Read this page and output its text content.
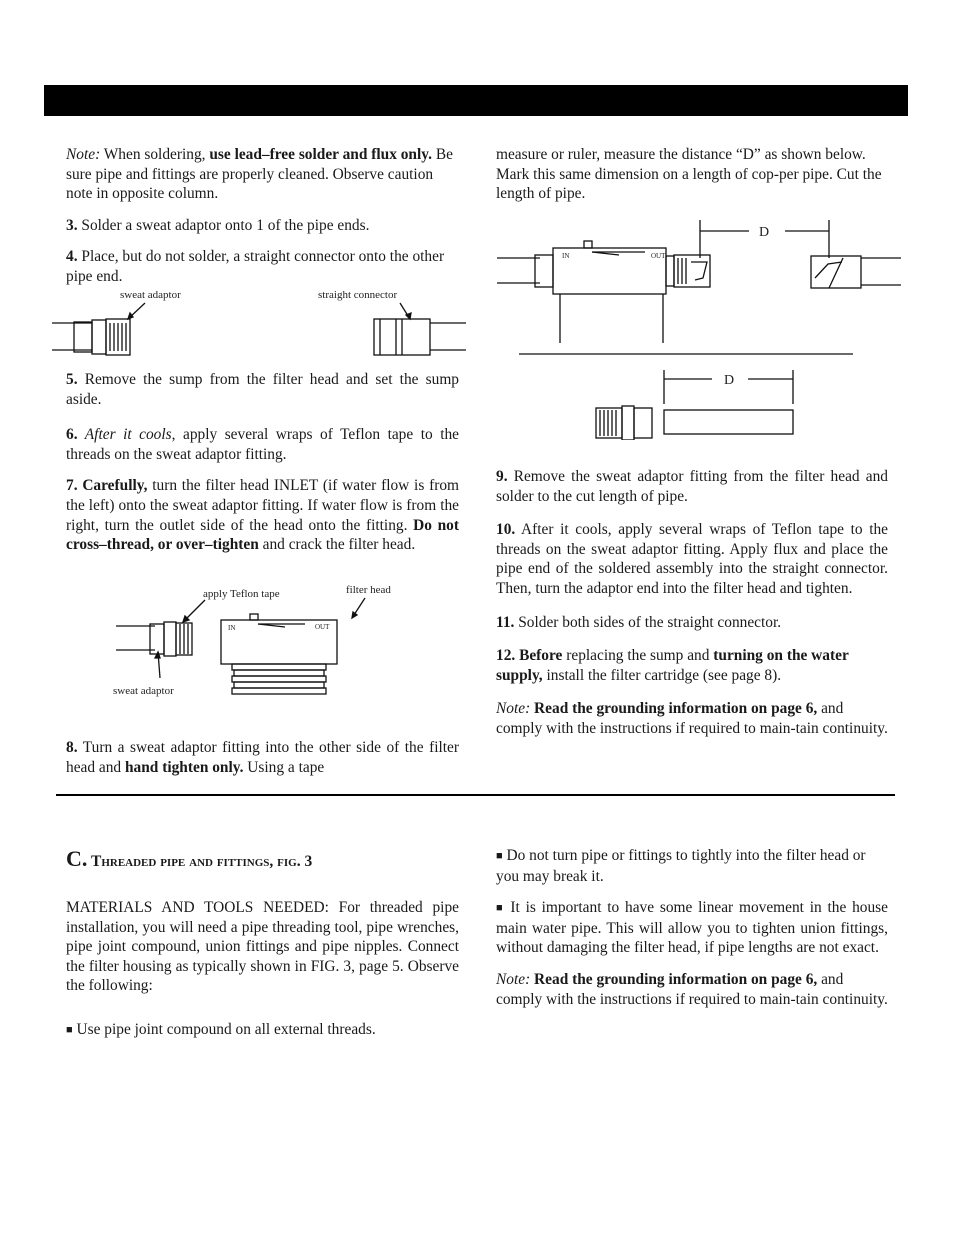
Note: When soldering, use lead–free solder and flux only. Be sure pipe and fittings are properly cleaned. Observe caution note in opposite column.

3. Solder a sweat adaptor onto 1 of the pipe ends.

4. Place, but do not solder, a straight connector onto the other pipe end.

sweat adaptor	straight connector

5. Remove the sump from the filter head and set the sump aside.

6. After it cools, apply several wraps of Teflon tape to the threads on the sweat adaptor fitting.

7. Carefully, turn the filter head INLET (if water flow is from the left) onto the sweat adaptor fitting. If water flow is from the right, turn the outlet side of the head onto the fitting. Do not cross–thread, or over–tighten and crack the filter head.

apply Teflon tape	filter head
sweat adaptor
IN	OUT

8. Turn a sweat adaptor fitting into the other side of the filter head and hand tighten only. Using a tape

measure or ruler, measure the distance “D” as shown below. Mark this same dimension on a length of cop-per pipe. Cut the length of pipe.

D
D
IN	OUT

9. Remove the sweat adaptor fitting from the filter head and solder to the cut length of pipe.

10. After it cools, apply several wraps of Teflon tape to the threads on the sweat adaptor fitting. Apply flux and place the pipe end of the soldered assembly into the straight connector. Then, turn the adaptor end into the filter head and tighten.

11. Solder both sides of the straight connector.

12. Before replacing the sump and turning on the water supply, install the filter cartridge (see page 8).

Note: Read the grounding information on page 6, and comply with the instructions if required to main-tain continuity.

C. Threaded pipe and fittings, fig. 3

MATERIALS AND TOOLS NEEDED: For threaded pipe installation, you will need a pipe threading tool, pipe wrenches, pipe joint compound, union fittings and pipe nipples. Connect the filter housing as typically shown in FIG. 3, page 5. Observe the following:

■ Use pipe joint compound on all external threads.

■ Do not turn pipe or fittings to tightly into the filter head or you may break it.

■ It is important to have some linear movement in the house main water pipe. This will allow you to tighten union fittings, without damaging the filter head, if pipe lengths are not exact.

Note: Read the grounding information on page 6, and comply with the instructions if required to main-tain continuity.
